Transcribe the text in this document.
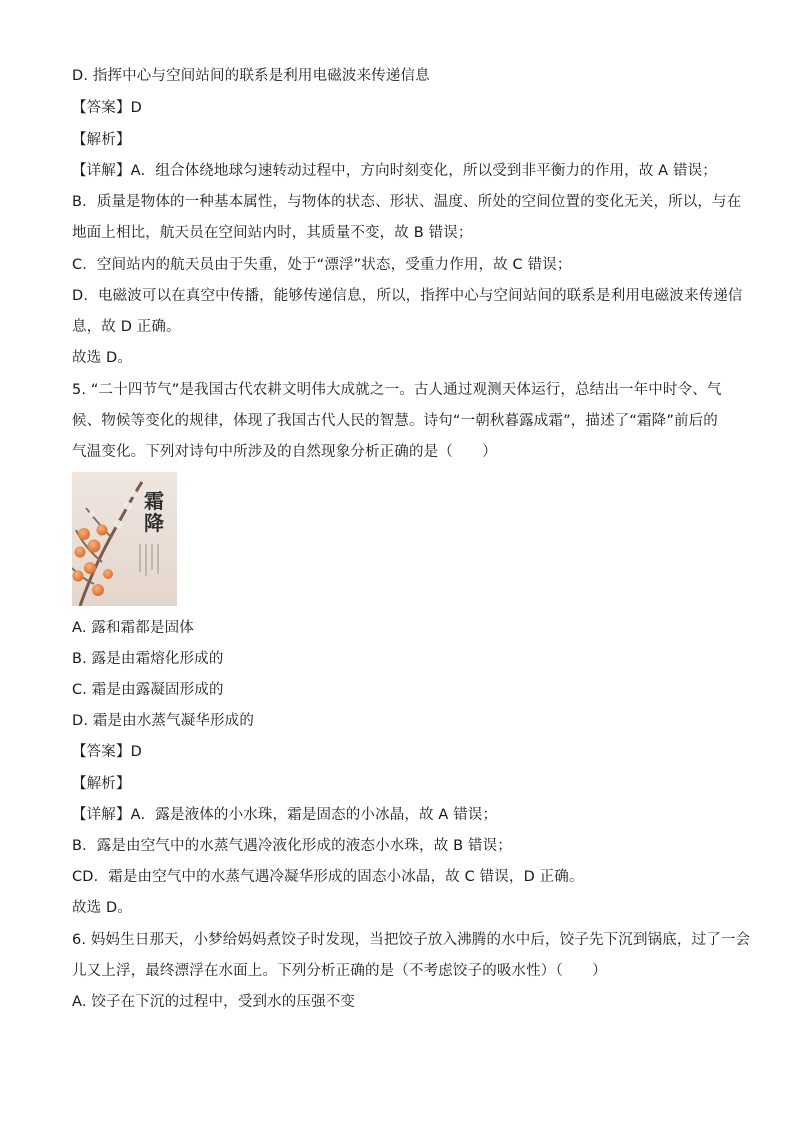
D. 指挥中心与空间站间的联系是利用电磁波来传递信息
【答案】D
【解析】
【详解】A．组合体绕地球匀速转动过程中，方向时刻变化，所以受到非平衡力的作用，故 A 错误；
B．质量是物体的一种基本属性，与物体的状态、形状、温度、所处的空间位置的变化无关，所以，与在
地面上相比，航天员在空间站内时，其质量不变，故 B 错误；
C．空间站内的航天员由于失重，处于“漂浮”状态，受重力作用，故 C 错误；
D．电磁波可以在真空中传播，能够传递信息，所以，指挥中心与空间站间的联系是利用电磁波来传递信
息，故 D 正确。
故选 D。
5. “二十四节气”是我国古代农耕文明伟大成就之一。古人通过观测天体运行，总结出一年中时令、气
候、物候等变化的规律，体现了我国古代人民的智慧。诗句“一朝秋暮露成霜”，描述了“霜降”前后的
气温变化。下列对诗句中所涉及的自然现象分析正确的是（　　）
霜
降
A. 露和霜都是固体
B. 露是由霜熔化形成的
C. 霜是由露凝固形成的
D. 霜是由水蒸气凝华形成的
【答案】D
【解析】
【详解】A．露是液体的小水珠，霜是固态的小冰晶，故 A 错误；
B．露是由空气中的水蒸气遇冷液化形成的液态小水珠，故 B 错误；
CD．霜是由空气中的水蒸气遇冷凝华形成的固态小冰晶，故 C 错误，D 正确。
故选 D。
6. 妈妈生日那天，小梦给妈妈煮饺子时发现，当把饺子放入沸腾的水中后，饺子先下沉到锅底，过了一会
儿又上浮，最终漂浮在水面上。下列分析正确的是（不考虑饺子的吸水性）（　　）
A. 饺子在下沉的过程中，受到水的压强不变
